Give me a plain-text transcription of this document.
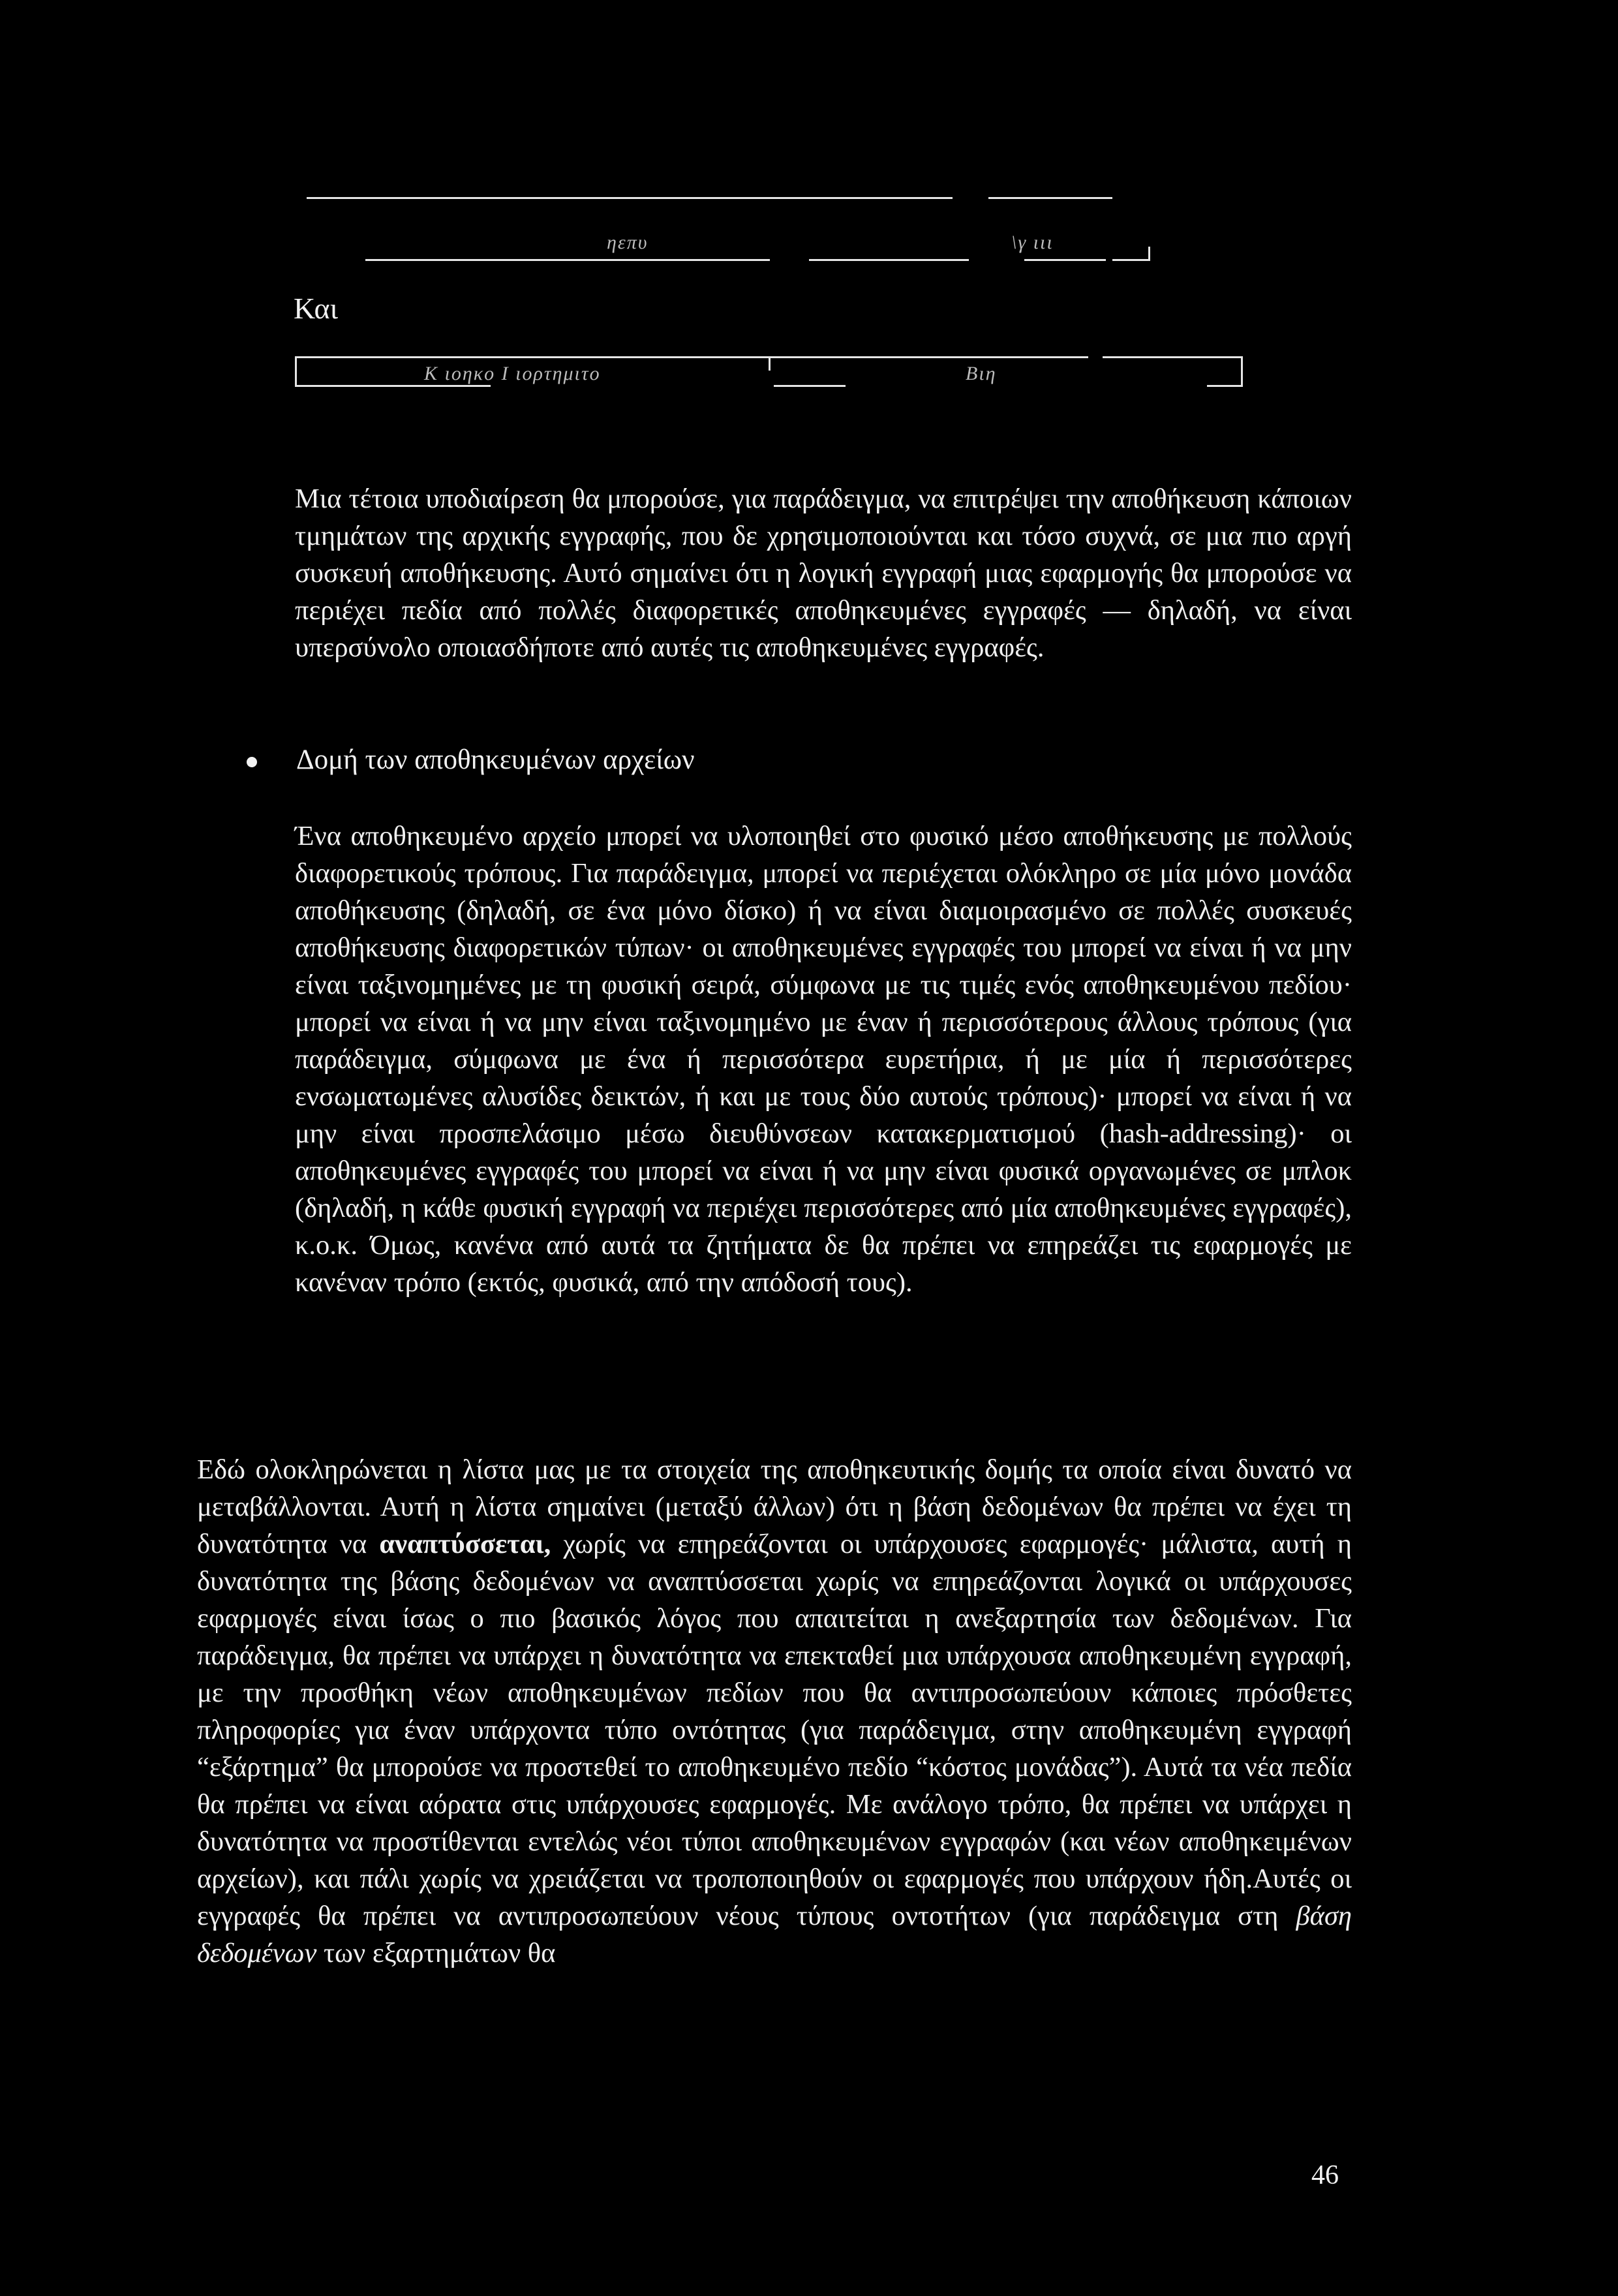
ηεπυ	\γ ιιι
Και
Κ ιοηκο Ι ιορτημιτο	Βιη

Μια τέτοια υποδιαίρεση θα μπορούσε, για παράδειγμα, να επιτρέψει την αποθήκευση κάποιων τμημάτων της αρχικής εγγραφής, που δε χρησιμοποιούνται και τόσο συχνά, σε μια πιο αργή συσκευή αποθήκευσης. Αυτό σημαίνει ότι η λογική εγγραφή μιας εφαρμογής θα μπορούσε να περιέχει πεδία από πολλές διαφορετικές αποθηκευμένες εγγραφές — δηλαδή, να είναι υπερσύνολο οποιασδήποτε από αυτές τις αποθηκευμένες εγγραφές.

Δομή των αποθηκευμένων αρχείων

Ένα αποθηκευμένο αρχείο μπορεί να υλοποιηθεί στο φυσικό μέσο αποθήκευσης με πολλούς διαφορετικούς τρόπους. Για παράδειγμα, μπορεί να περιέχεται ολόκληρο σε μία μόνο μονάδα αποθήκευσης (δηλαδή, σε ένα μόνο δίσκο) ή να είναι διαμοιρασμένο σε πολλές συσκευές αποθήκευσης διαφορετικών τύπων· οι αποθηκευμένες εγγραφές του μπορεί να είναι ή να μην είναι ταξινομημένες με τη φυσική σειρά, σύμφωνα με τις τιμές ενός αποθηκευμένου πεδίου· μπορεί να είναι ή να μην είναι ταξινομημένο με έναν ή περισσότερους άλλους τρόπους (για παράδειγμα, σύμφωνα με ένα ή περισσότερα ευρετήρια, ή με μία ή περισσότερες ενσωματωμένες αλυσίδες δεικτών, ή και με τους δύο αυτούς τρόπους)· μπορεί να είναι ή να μην είναι προσπελάσιμο μέσω διευθύνσεων κατακερματισμού (hash-addressing)· οι αποθηκευμένες εγγραφές του μπορεί να είναι ή να μην είναι φυσικά οργανωμένες σε μπλοκ (δηλαδή, η κάθε φυσική εγγραφή να περιέχει περισσότερες από μία αποθηκευμένες εγγραφές), κ.ο.κ. Όμως, κανένα από αυτά τα ζητήματα δε θα πρέπει να επηρεάζει τις εφαρμογές με κανέναν τρόπο (εκτός, φυσικά, από την απόδοσή τους).

Εδώ ολοκληρώνεται η λίστα μας με τα στοιχεία της αποθηκευτικής δομής τα οποία είναι δυνατό να μεταβάλλονται. Αυτή η λίστα σημαίνει (μεταξύ άλλων) ότι η βάση δεδομένων θα πρέπει να έχει τη δυνατότητα να αναπτύσσεται, χωρίς να επηρεάζονται οι υπάρχουσες εφαρμογές· μάλιστα, αυτή η δυνατότητα της βάσης δεδομένων να αναπτύσσεται χωρίς να επηρεάζονται λογικά οι υπάρχουσες εφαρμογές είναι ίσως ο πιο βασικός λόγος που απαιτείται η ανεξαρτησία των δεδομένων. Για παράδειγμα, θα πρέπει να υπάρχει η δυνατότητα να επεκταθεί μια υπάρχουσα αποθηκευμένη εγγραφή, με την προσθήκη νέων αποθηκευμένων πεδίων που θα αντιπροσωπεύουν κάποιες πρόσθετες πληροφορίες για έναν υπάρχοντα τύπο οντότητας (για παράδειγμα, στην αποθηκευμένη εγγραφή “εξάρτημα” θα μπορούσε να προστεθεί το αποθηκευμένο πεδίο “κόστος μονάδας”). Αυτά τα νέα πεδία θα πρέπει να είναι αόρατα στις υπάρχουσες εφαρμογές. Με ανάλογο τρόπο, θα πρέπει να υπάρχει η δυνατότητα να προστίθενται εντελώς νέοι τύποι αποθηκευμένων εγγραφών (και νέων αποθηκειμένων αρχείων), και πάλι χωρίς να χρειάζεται να τροποποιηθούν οι εφαρμογές που υπάρχουν ήδη.Αυτές οι εγγραφές θα πρέπει να αντιπροσωπεύουν νέους τύπους οντοτήτων (για παράδειγμα στη βάση δεδομένων των εξαρτημάτων θα

46
